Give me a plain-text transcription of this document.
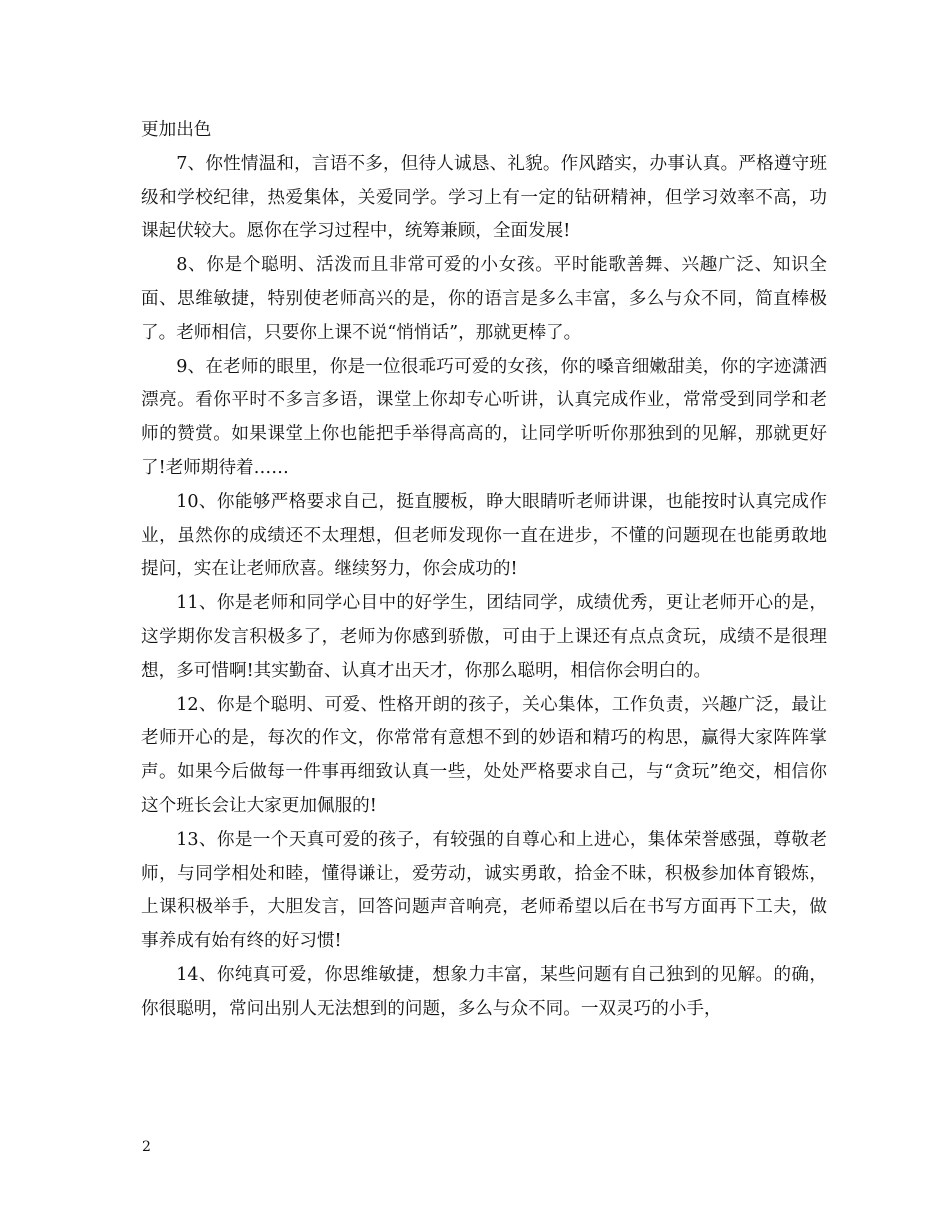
更加出色

7、你性情温和，言语不多，但待人诚恳、礼貌。作风踏实，办事认真。严格遵守班级和学校纪律，热爱集体，关爱同学。学习上有一定的钻研精神，但学习效率不高，功课起伏较大。愿你在学习过程中，统筹兼顾，全面发展!

8、你是个聪明、活泼而且非常可爱的小女孩。平时能歌善舞、兴趣广泛、知识全面、思维敏捷，特别使老师高兴的是，你的语言是多么丰富，多么与众不同，简直棒极了。老师相信，只要你上课不说“悄悄话”，那就更棒了。

9、在老师的眼里，你是一位很乖巧可爱的女孩，你的嗓音细嫩甜美，你的字迹潇洒漂亮。看你平时不多言多语，课堂上你却专心听讲，认真完成作业，常常受到同学和老师的赞赏。如果课堂上你也能把手举得高高的，让同学听听你那独到的见解，那就更好了!老师期待着……

10、你能够严格要求自己，挺直腰板，睁大眼睛听老师讲课，也能按时认真完成作业，虽然你的成绩还不太理想，但老师发现你一直在进步，不懂的问题现在也能勇敢地提问，实在让老师欣喜。继续努力，你会成功的!

11、你是老师和同学心目中的好学生，团结同学，成绩优秀，更让老师开心的是，这学期你发言积极多了，老师为你感到骄傲，可由于上课还有点点贪玩，成绩不是很理想，多可惜啊!其实勤奋、认真才出天才，你那么聪明，相信你会明白的。

12、你是个聪明、可爱、性格开朗的孩子，关心集体，工作负责，兴趣广泛，最让老师开心的是，每次的作文，你常常有意想不到的妙语和精巧的构思，赢得大家阵阵掌声。如果今后做每一件事再细致认真一些，处处严格要求自己，与“贪玩”绝交，相信你这个班长会让大家更加佩服的!

13、你是一个天真可爱的孩子，有较强的自尊心和上进心，集体荣誉感强，尊敬老师，与同学相处和睦，懂得谦让，爱劳动，诚实勇敢，拾金不昧，积极参加体育锻炼，上课积极举手，大胆发言，回答问题声音响亮，老师希望以后在书写方面再下工夫，做事养成有始有终的好习惯!

14、你纯真可爱，你思维敏捷，想象力丰富，某些问题有自己独到的见解。的确，你很聪明，常问出别人无法想到的问题，多么与众不同。一双灵巧的小手，

2
